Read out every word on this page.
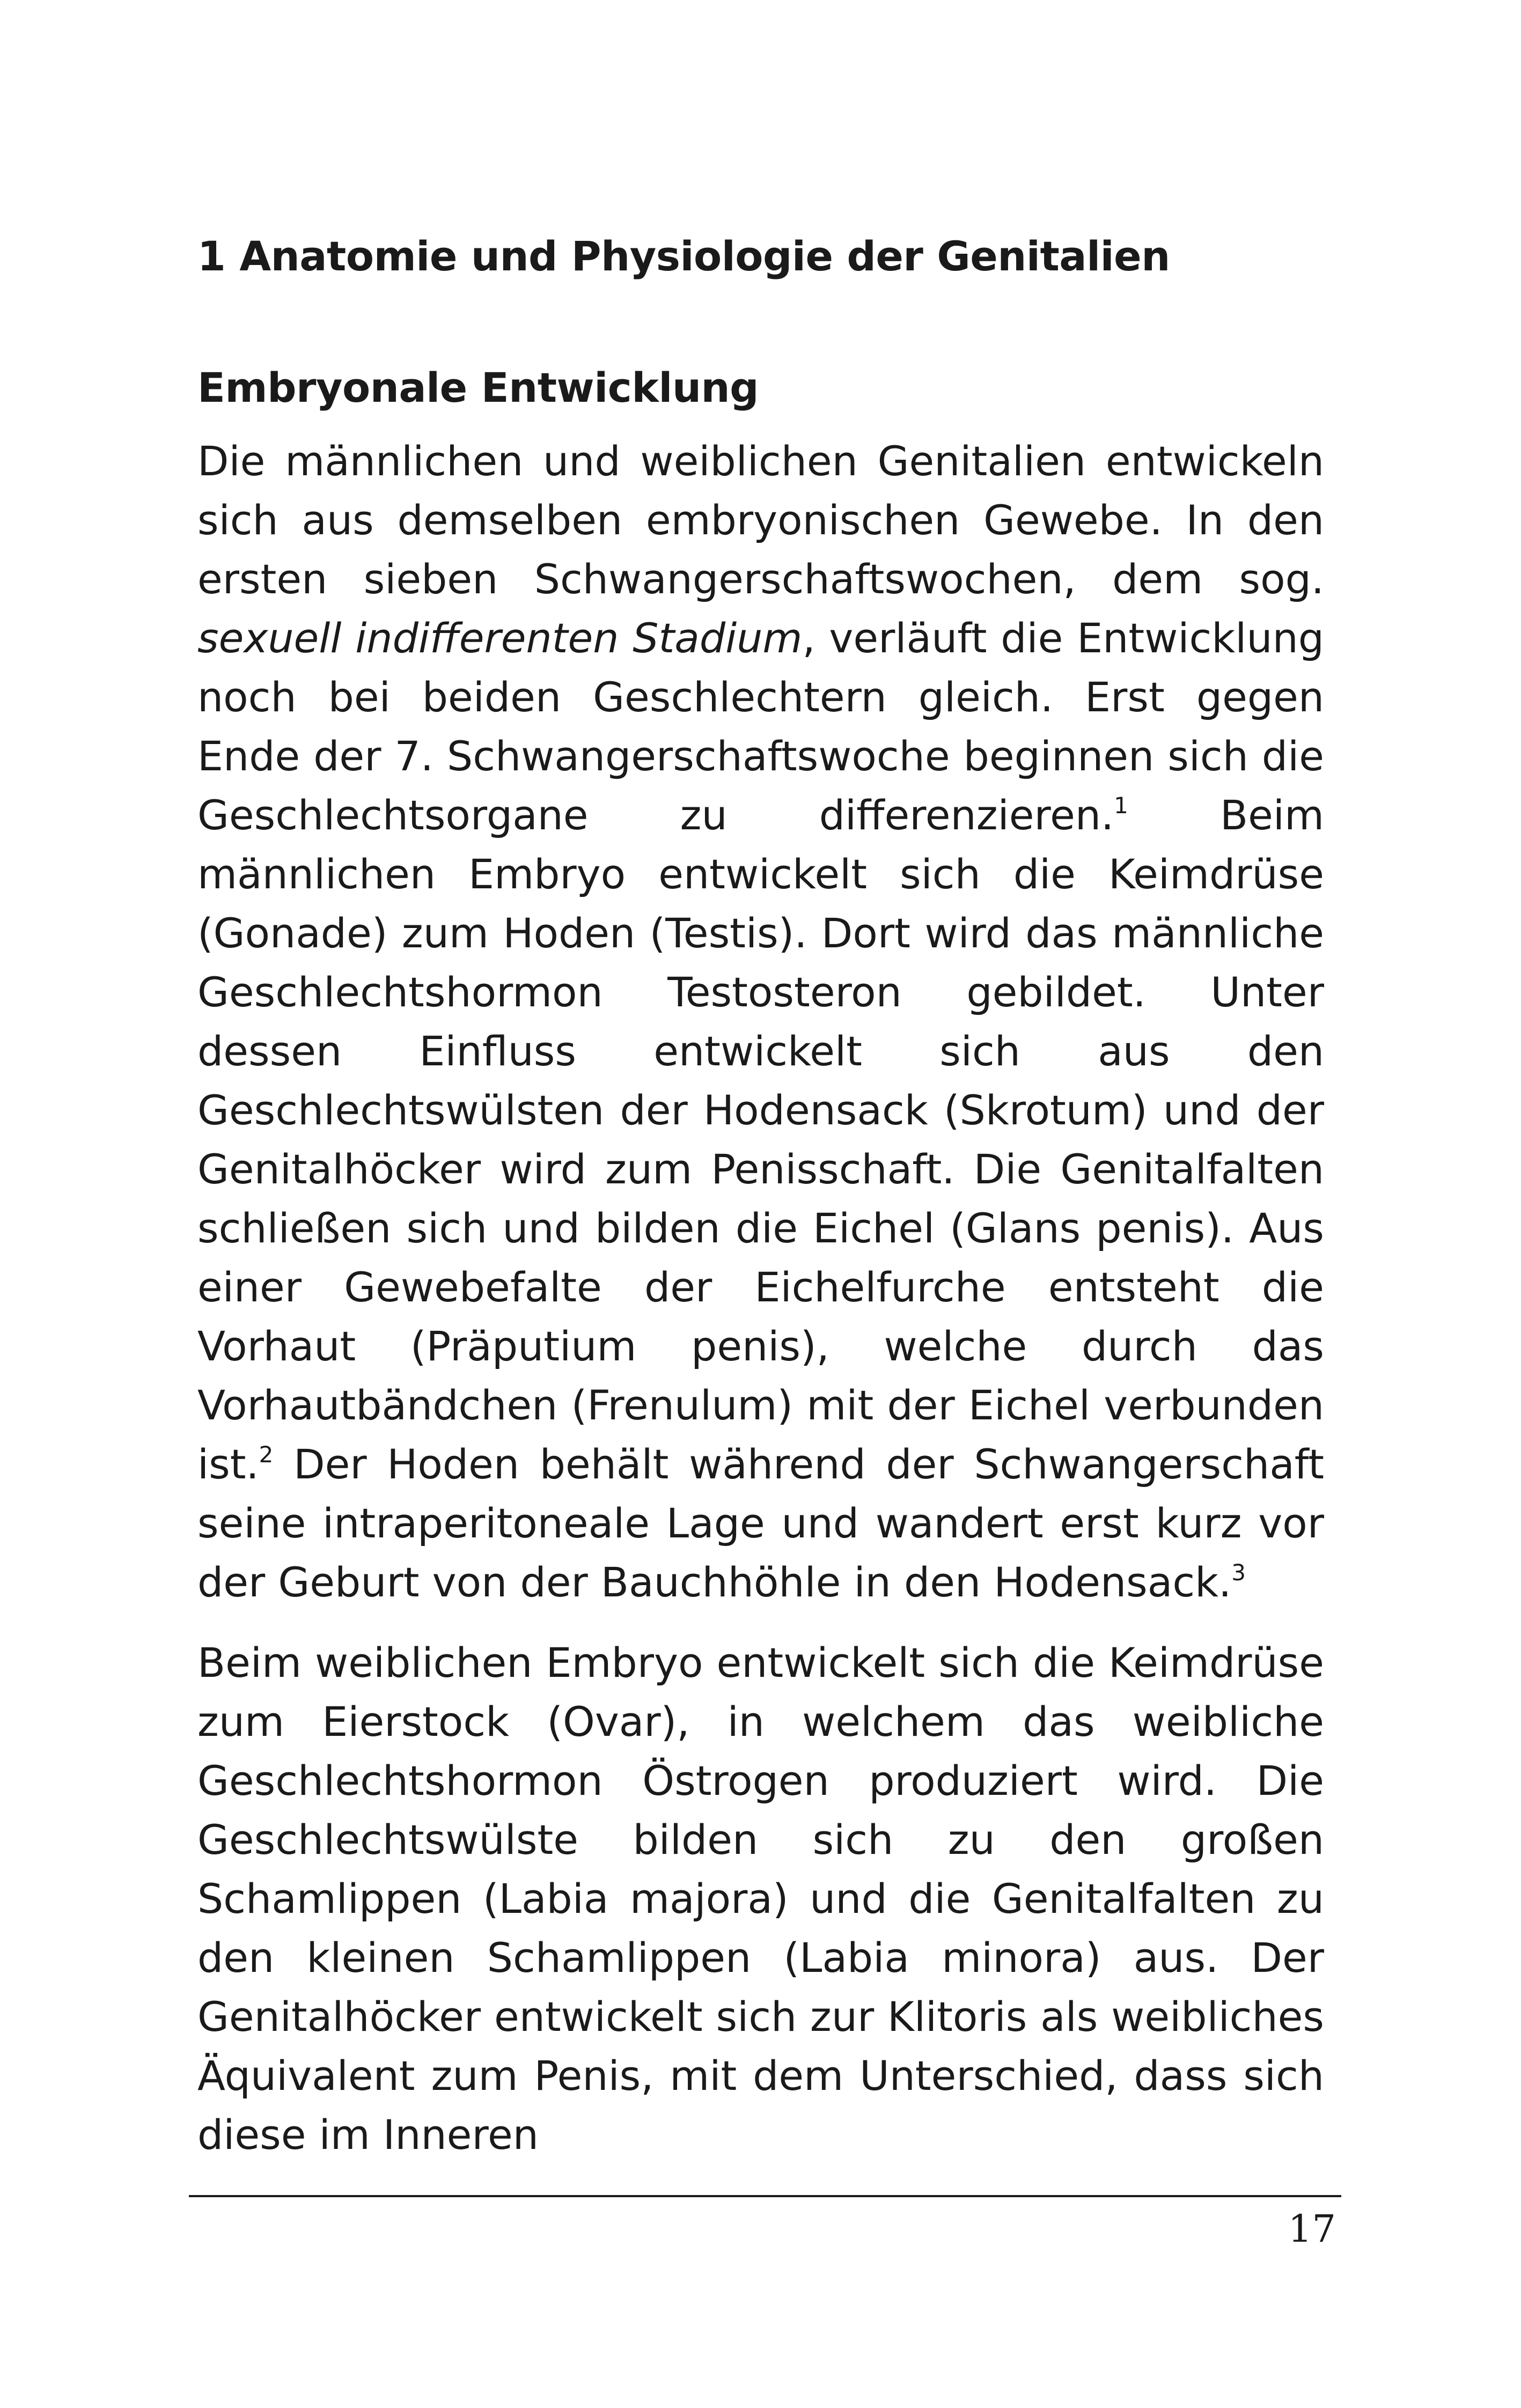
1 Anatomie und Physiologie der Genitalien
Embryonale Entwicklung

Die männlichen und weiblichen Genitalien entwickeln sich aus demselben embryonischen Gewebe. In den ersten sieben Schwangerschaftswochen, dem sog. sexuell indifferenten Stadium, verläuft die Entwicklung noch bei beiden Geschlechtern gleich. Erst gegen Ende der 7. Schwangerschaftswoche beginnen sich die Geschlechtsorgane zu differenzieren.$^1$ Beim männlichen Embryo entwickelt sich die Keimdrüse (Gonade) zum Hoden (Testis). Dort wird das männliche Geschlechtshormon Testosteron gebildet. Unter dessen Einfluss entwickelt sich aus den Geschlechtswülsten der Hodensack (Skrotum) und der Genitalhöcker wird zum Penisschaft. Die Genitalfalten schließen sich und bilden die Eichel (Glans penis). Aus einer Gewebefalte der Eichelfurche entsteht die Vorhaut (Präputium penis), welche durch das Vorhautbändchen (Frenulum) mit der Eichel verbunden ist.$^2$ Der Hoden behält während der Schwangerschaft seine intraperitoneale Lage und wandert erst kurz vor der Geburt von der Bauchhöhle in den Hodensack.$^3$

Beim weiblichen Embryo entwickelt sich die Keimdrüse zum Eierstock (Ovar), in welchem das weibliche Geschlechtshormon Östrogen produziert wird. Die Geschlechtswülste bilden sich zu den großen Schamlippen (Labia majora) und die Genitalfalten zu den kleinen Schamlippen (Labia minora) aus. Der Genitalhöcker entwickelt sich zur Klitoris als weibliches Äquivalent zum Penis, mit dem Unterschied, dass sich diese im Inneren

17
